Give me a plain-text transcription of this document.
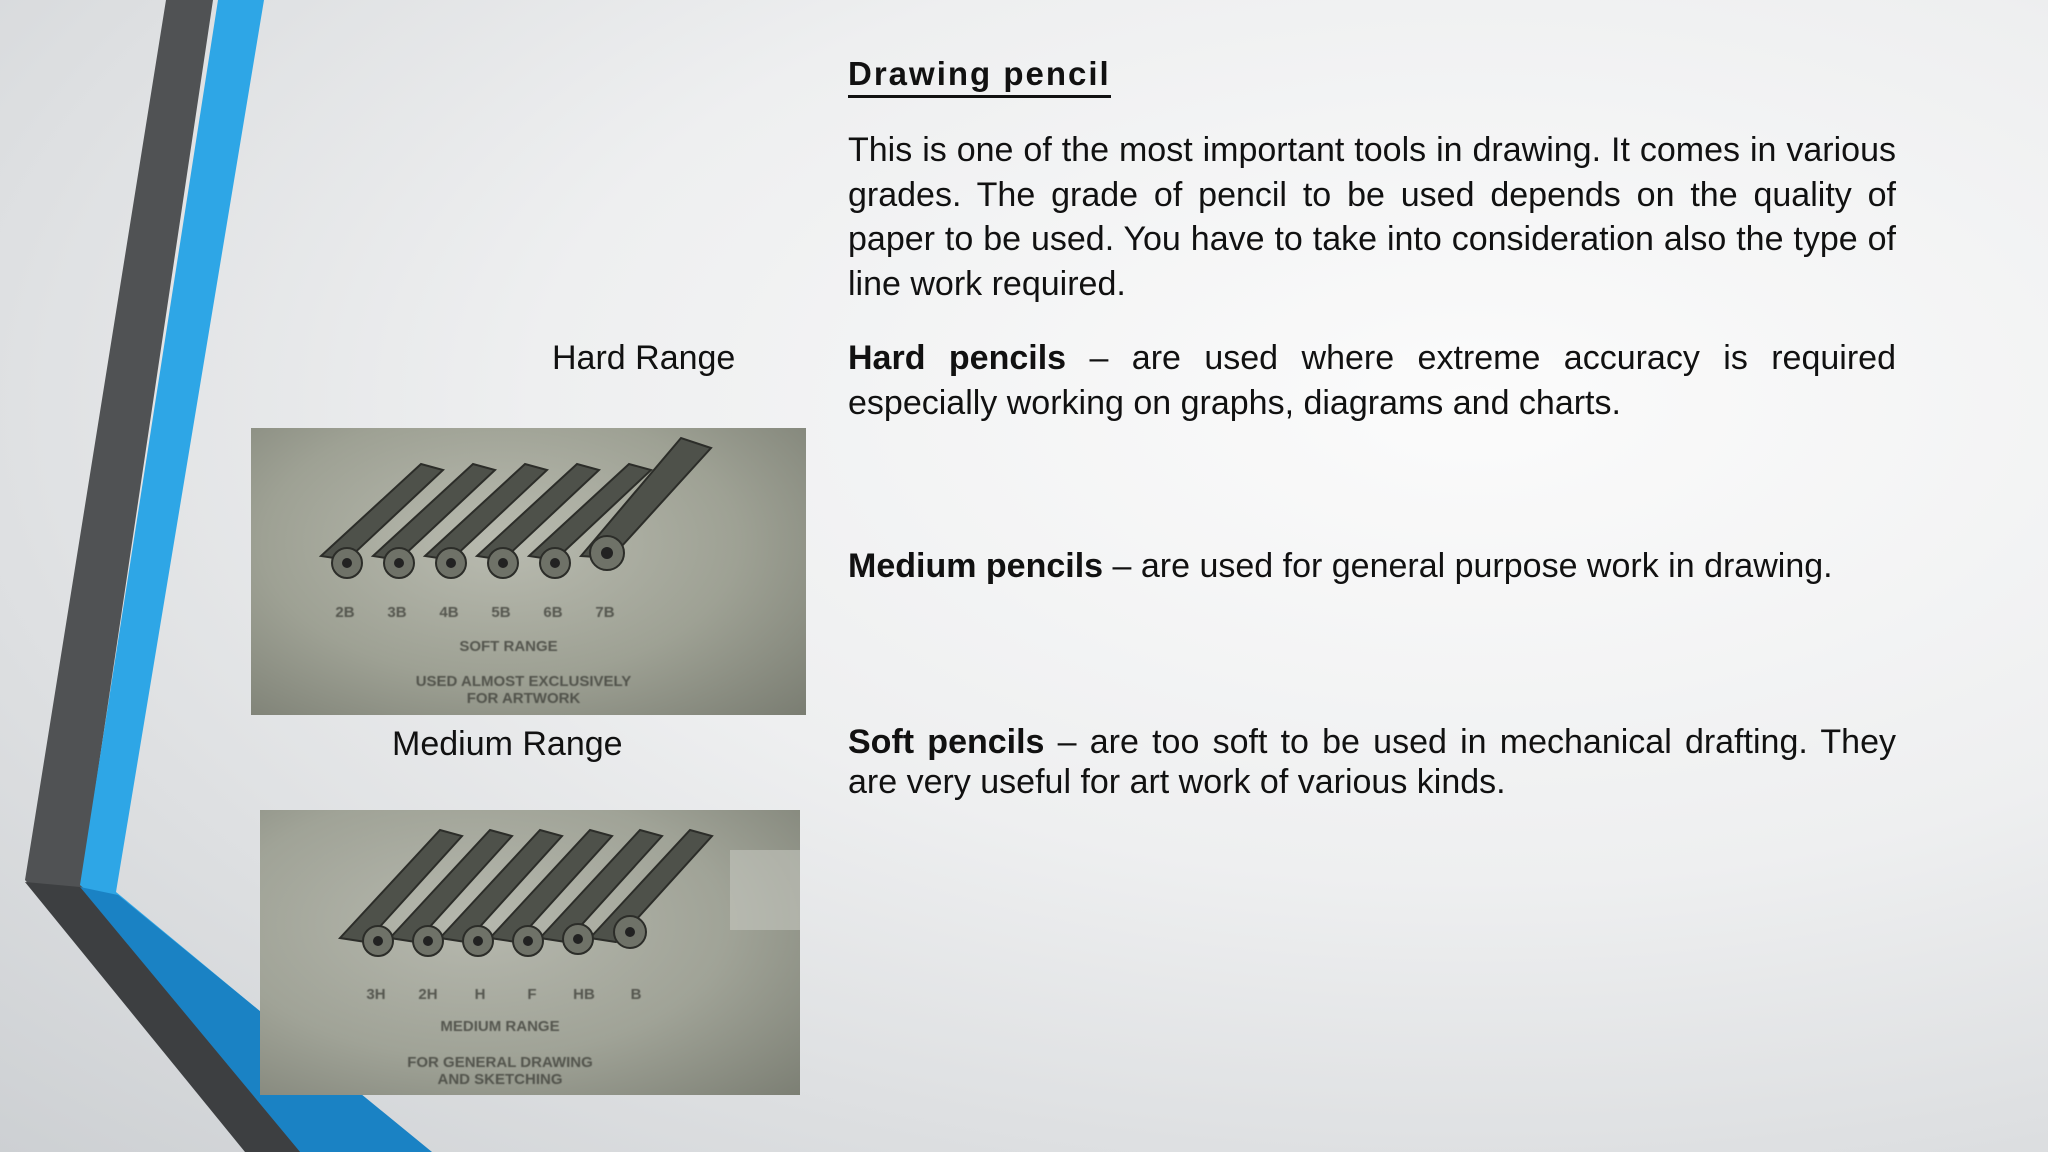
Drawing pencil

This is one of the most important tools in drawing. It comes in various grades. The grade of pencil to be used depends on the quality of paper to be used. You have to take into consideration also the type of line work required.

Hard pencils – are used where extreme accuracy is required especially working on graphs, diagrams and charts.

Medium pencils – are used for general purpose work in drawing.

Soft pencils – are too soft to be used in mechanical drafting. They are very useful for art work of various kinds.

Hard Range
Medium Range
2B	3B	4B	5B	6B	7B
SOFT RANGE
USED ALMOST EXCLUSIVELY
FOR ARTWORK
3H	2H	H	F	HB	B
MEDIUM RANGE
FOR GENERAL DRAWING
AND SKETCHING
